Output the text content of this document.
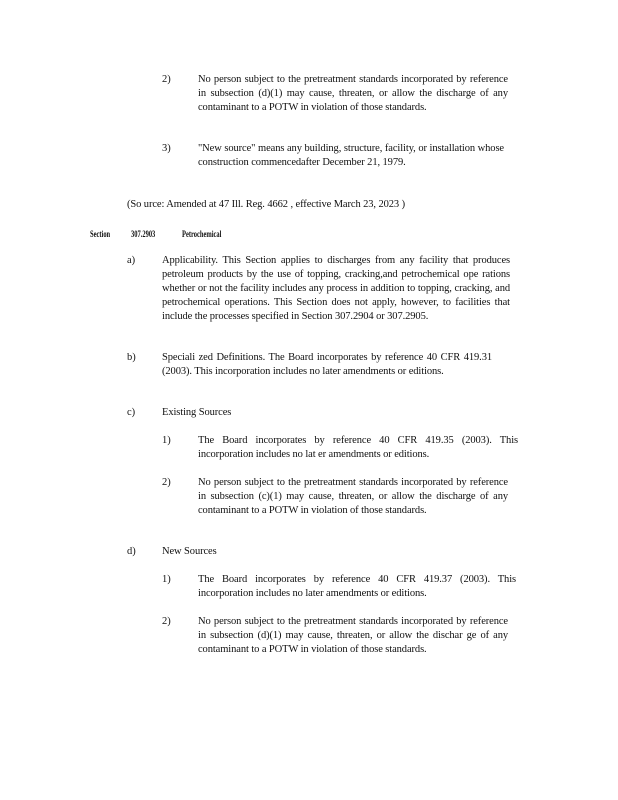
2)	No person subject to the pretreatment standards incorporated by reference in subsection (d)(1) may cause, threaten, or allow the discharge of any contaminant to a POTW in violation of those standards.
3)	"New source" means any building, structure, facility, or installation whose construction commencedafter December 21, 1979.
(So urce: Amended at 47 Ill. Reg. 4662 , effective March 23, 2023 )
Section 307.2903	Petrochemical
a)	Applicability. This Section applies to discharges from any facility that produces petroleum products by the use of topping, cracking,and petrochemical ope rations whether or not the facility includes any process in addition to topping, cracking, and petrochemical operations. This Section does not apply, however, to facilities that include the processes specified in Section 307.2904 or 307.2905.
b)	Speciali zed Definitions. The Board incorporates by reference 40 CFR 419.31 (2003). This incorporation includes no later amendments or editions.
c)	Existing Sources
1)	The Board incorporates by reference 40 CFR 419.35 (2003). This incorporation includes no lat er amendments or editions.
2)	No person subject to the pretreatment standards incorporated by reference in subsection (c)(1) may cause, threaten, or allow the discharge of any contaminant to a POTW in violation of those standards.
d)	New Sources
1)	The Board incorporates by reference 40 CFR 419.37 (2003). This incorporation includes no later amendments or editions.
2)	No person subject to the pretreatment standards incorporated by reference in subsection (d)(1) may cause, threaten, or allow the dischar ge of any contaminant to a POTW in violation of those standards.
